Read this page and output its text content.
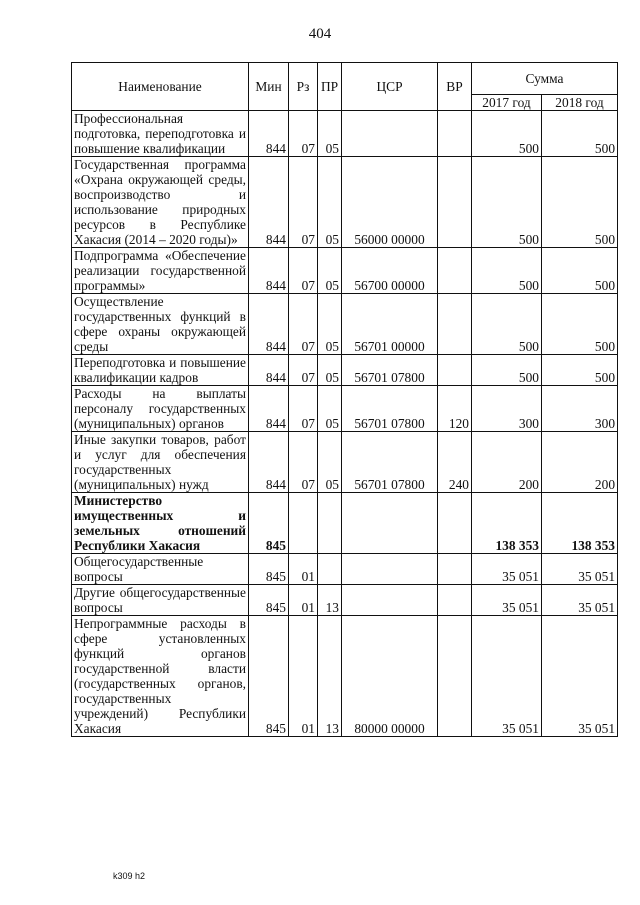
404
Наименование	Мин	Рз	ПР	ЦСР	ВР	Сумма	
						2017 год	2018 год
Профессиональная подготовка, переподготовка и повышение квалификации	844	07	05			500	500
Государственная программа «Охрана окружающей среды, воспроизводство и использование природных ресурсов в Республике Хакасия (2014 – 2020 годы)»	844	07	05	56000 00000		500	500
Подпрограмма «Обеспечение реализации государственной программы»	844	07	05	56700 00000		500	500
Осуществление государственных функций в сфере охраны окружающей среды	844	07	05	56701 00000		500	500
Переподготовка и повышение квалификации кадров	844	07	05	56701 07800		500	500
Расходы на выплаты персоналу государственных (муниципальных) органов	844	07	05	56701 07800	120	300	300
Иные закупки товаров, работ и услуг для обеспечения государственных (муниципальных) нужд	844	07	05	56701 07800	240	200	200
Министерство имущественных и земельных отношений Республики Хакасия	845					138 353	138 353
Общегосударственные вопросы	845	01				35 051	35 051
Другие общегосударственные вопросы	845	01	13			35 051	35 051
Непрограммные расходы в сфере установленных функций органов государственной власти (государственных органов, государственных учреждений) Республики Хакасия	845	01	13	80000 00000		35 051	35 051
k309 h2
